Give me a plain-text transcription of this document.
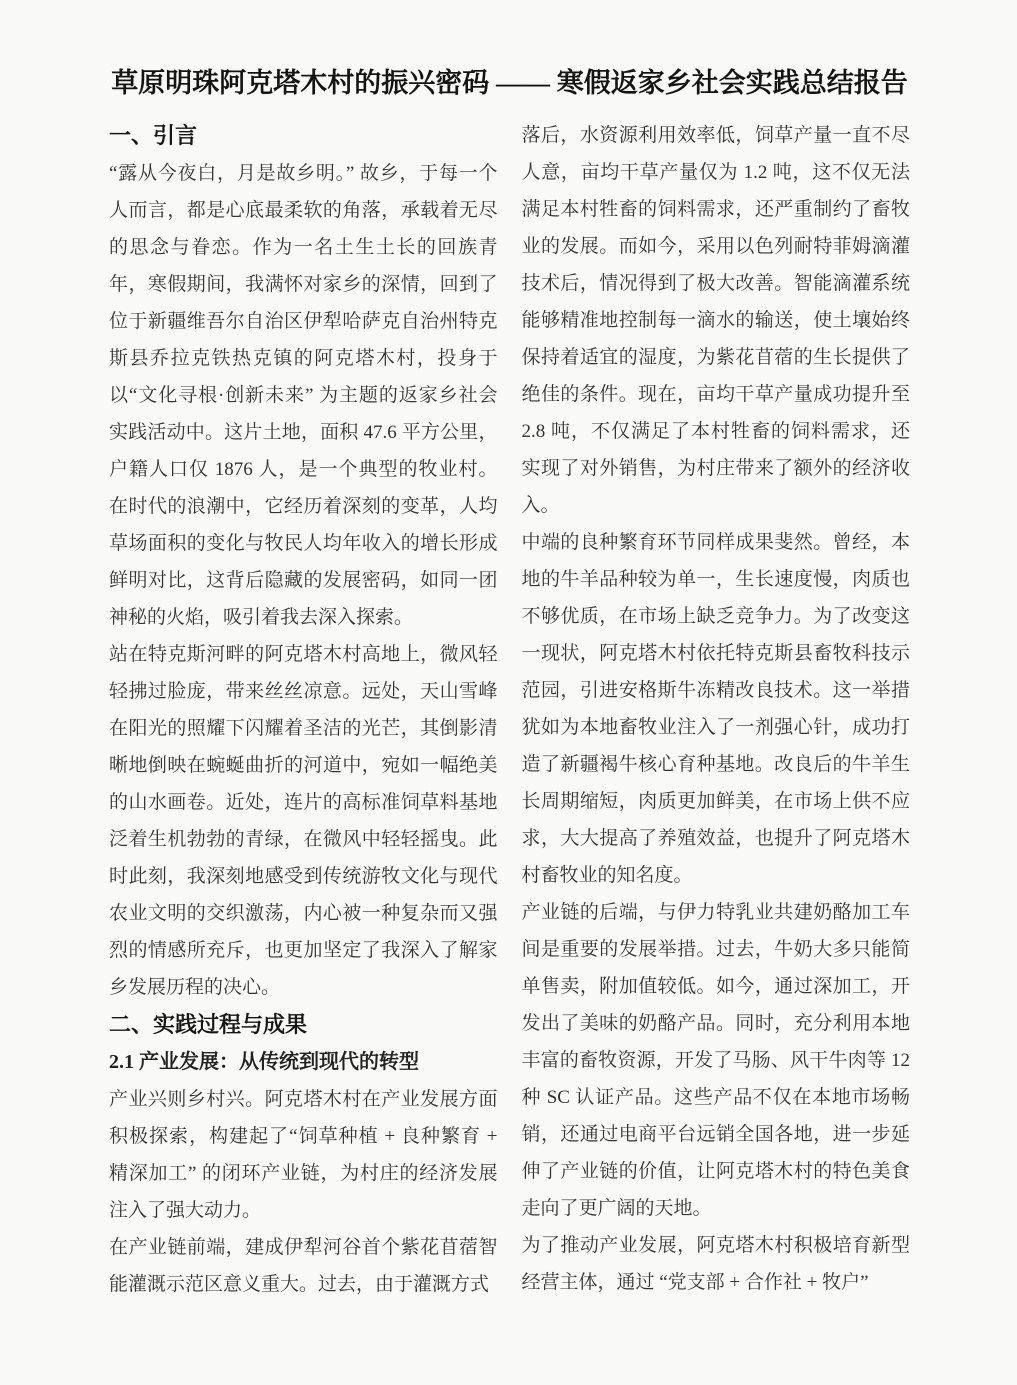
草原明珠阿克塔木村的振兴密码 —— 寒假返家乡社会实践总结报告
一、引言

“露从今夜白，月是故乡明。” 故乡，于每一个人而言，都是心底最柔软的角落，承载着无尽的思念与眷恋。作为一名土生土长的回族青年，寒假期间，我满怀对家乡的深情，回到了位于新疆维吾尔自治区伊犁哈萨克自治州特克斯县乔拉克铁热克镇的阿克塔木村，投身于以“文化寻根·创新未来” 为主题的返家乡社会实践活动中。这片土地，面积 47.6 平方公里，户籍人口仅 1876 人，是一个典型的牧业村。在时代的浪潮中，它经历着深刻的变革，人均草场面积的变化与牧民人均年收入的增长形成鲜明对比，这背后隐藏的发展密码，如同一团神秘的火焰，吸引着我去深入探索。

站在特克斯河畔的阿克塔木村高地上，微风轻轻拂过脸庞，带来丝丝凉意。远处，天山雪峰在阳光的照耀下闪耀着圣洁的光芒，其倒影清晰地倒映在蜿蜒曲折的河道中，宛如一幅绝美的山水画卷。近处，连片的高标准饲草料基地泛着生机勃勃的青绿，在微风中轻轻摇曳。此时此刻，我深刻地感受到传统游牧文化与现代农业文明的交织激荡，内心被一种复杂而又强烈的情感所充斥，也更加坚定了我深入了解家乡发展历程的决心。

二、实践过程与成果
2.1 产业发展：从传统到现代的转型

产业兴则乡村兴。阿克塔木村在产业发展方面积极探索，构建起了“饲草种植 + 良种繁育 + 精深加工” 的闭环产业链，为村庄的经济发展注入了强大动力。

在产业链前端，建成伊犁河谷首个紫花苜蓿智能灌溉示范区意义重大。过去，由于灌溉方式

落后，水资源利用效率低，饲草产量一直不尽人意，亩均干草产量仅为 1.2 吨，这不仅无法满足本村牲畜的饲料需求，还严重制约了畜牧业的发展。而如今，采用以色列耐特菲姆滴灌技术后，情况得到了极大改善。智能滴灌系统能够精准地控制每一滴水的输送，使土壤始终保持着适宜的湿度，为紫花苜蓿的生长提供了绝佳的条件。现在，亩均干草产量成功提升至 2.8 吨，不仅满足了本村牲畜的饲料需求，还实现了对外销售，为村庄带来了额外的经济收入。

中端的良种繁育环节同样成果斐然。曾经，本地的牛羊品种较为单一，生长速度慢，肉质也不够优质，在市场上缺乏竞争力。为了改变这一现状，阿克塔木村依托特克斯县畜牧科技示范园，引进安格斯牛冻精改良技术。这一举措犹如为本地畜牧业注入了一剂强心针，成功打造了新疆褐牛核心育种基地。改良后的牛羊生长周期缩短，肉质更加鲜美，在市场上供不应求，大大提高了养殖效益，也提升了阿克塔木村畜牧业的知名度。

产业链的后端，与伊力特乳业共建奶酪加工车间是重要的发展举措。过去，牛奶大多只能简单售卖，附加值较低。如今，通过深加工，开发出了美味的奶酪产品。同时，充分利用本地丰富的畜牧资源，开发了马肠、风干牛肉等 12 种 SC 认证产品。这些产品不仅在本地市场畅销，还通过电商平台远销全国各地，进一步延伸了产业链的价值，让阿克塔木村的特色美食走向了更广阔的天地。

为了推动产业发展，阿克塔木村积极培育新型经营主体，通过 “党支部 + 合作社 + 牧户”
